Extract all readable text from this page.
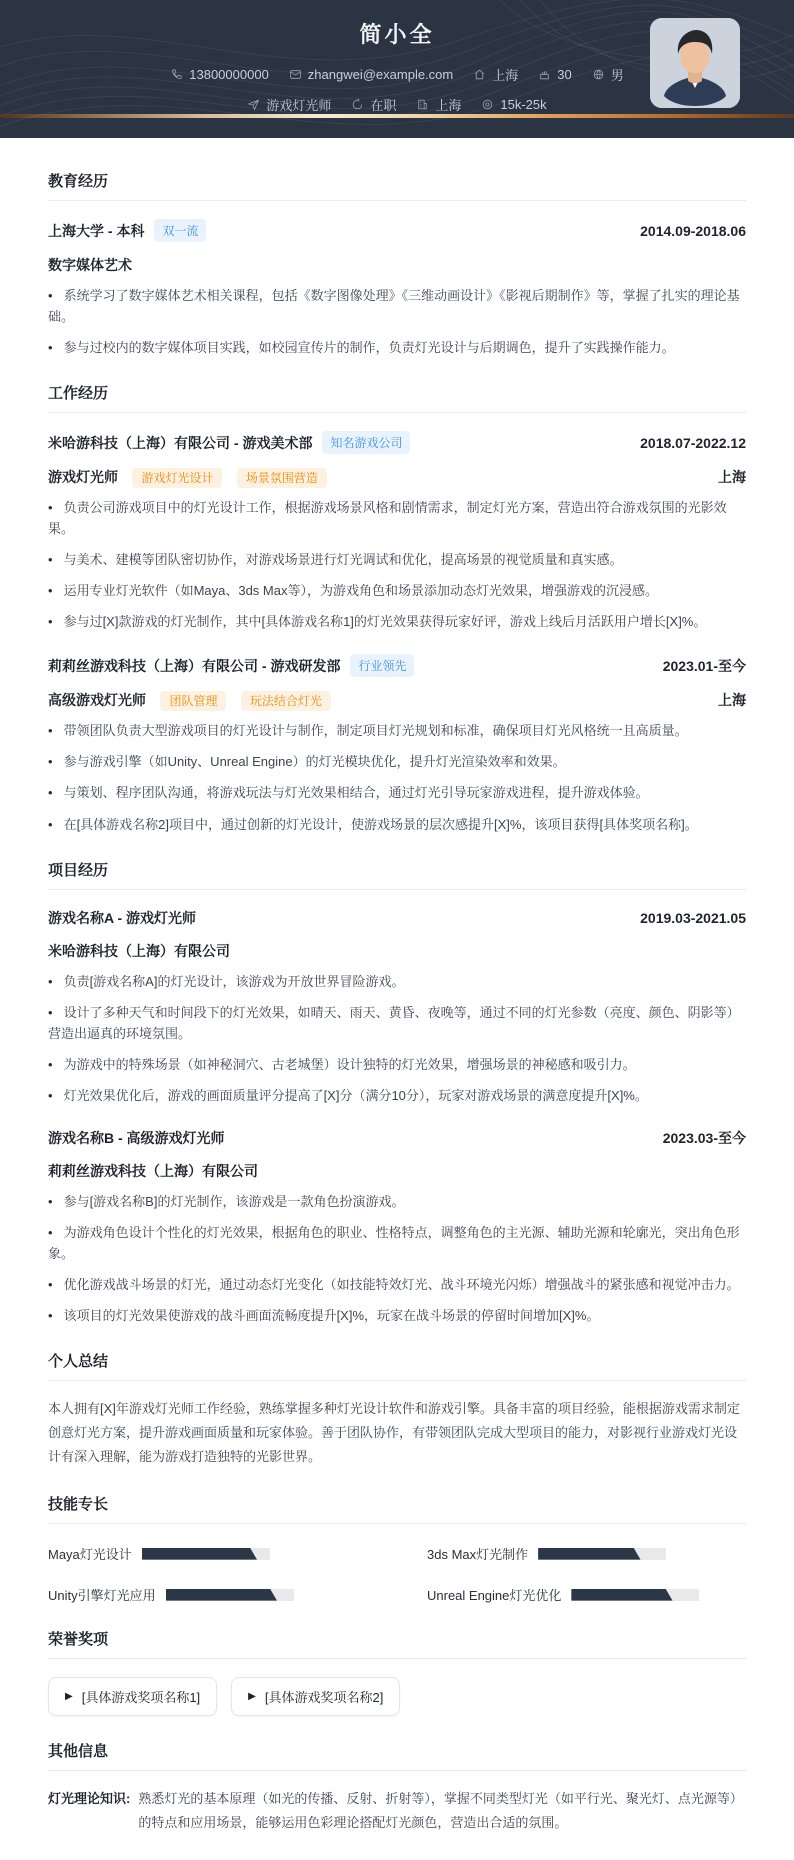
简小全
13800000000	zhangwei@example.com	上海	30	男
游戏灯光师	在职	上海	15k-25k
教育经历
上海大学 - 本科	双一流	2014.09-2018.06
数字媒体艺术

• 系统学习了数字媒体艺术相关课程，包括《数字图像处理》《三维动画设计》《影视后期制作》等，掌握了扎实的理论基础。

• 参与过校内的数字媒体项目实践，如校园宣传片的制作，负责灯光设计与后期调色，提升了实践操作能力。

工作经历
米哈游科技（上海）有限公司 - 游戏美术部	知名游戏公司	2018.07-2022.12
游戏灯光师 游戏灯光设计	场景氛围营造	上海

• 负责公司游戏项目中的灯光设计工作，根据游戏场景风格和剧情需求，制定灯光方案，营造出符合游戏氛围的光影效果。

• 与美术、建模等团队密切协作，对游戏场景进行灯光调试和优化，提高场景的视觉质量和真实感。

• 运用专业灯光软件（如Maya、3ds Max等），为游戏角色和场景添加动态灯光效果，增强游戏的沉浸感。

• 参与过[X]款游戏的灯光制作，其中[具体游戏名称1]的灯光效果获得玩家好评，游戏上线后月活跃用户增长[X]%。

莉莉丝游戏科技（上海）有限公司 - 游戏研发部	行业领先	2023.01-至今
高级游戏灯光师 团队管理	玩法结合灯光	上海

• 带领团队负责大型游戏项目的灯光设计与制作，制定项目灯光规划和标准，确保项目灯光风格统一且高质量。

• 参与游戏引擎（如Unity、Unreal Engine）的灯光模块优化，提升灯光渲染效率和效果。

• 与策划、程序团队沟通，将游戏玩法与灯光效果相结合，通过灯光引导玩家游戏进程，提升游戏体验。

• 在[具体游戏名称2]项目中，通过创新的灯光设计，使游戏场景的层次感提升[X]%，该项目获得[具体奖项名称]。

项目经历
游戏名称A - 游戏灯光师	2019.03-2021.05
米哈游科技（上海）有限公司

• 负责[游戏名称A]的灯光设计，该游戏为开放世界冒险游戏。

• 设计了多种天气和时间段下的灯光效果，如晴天、雨天、黄昏、夜晚等，通过不同的灯光参数（亮度、颜色、阴影等）营造出逼真的环境氛围。

• 为游戏中的特殊场景（如神秘洞穴、古老城堡）设计独特的灯光效果，增强场景的神秘感和吸引力。

• 灯光效果优化后，游戏的画面质量评分提高了[X]分（满分10分），玩家对游戏场景的满意度提升[X]%。

游戏名称B - 高级游戏灯光师	2023.03-至今
莉莉丝游戏科技（上海）有限公司

• 参与[游戏名称B]的灯光制作，该游戏是一款角色扮演游戏。

• 为游戏角色设计个性化的灯光效果，根据角色的职业、性格特点，调整角色的主光源、辅助光源和轮廓光，突出角色形象。

• 优化游戏战斗场景的灯光，通过动态灯光变化（如技能特效灯光、战斗环境光闪烁）增强战斗的紧张感和视觉冲击力。

• 该项目的灯光效果使游戏的战斗画面流畅度提升[X]%，玩家在战斗场景的停留时间增加[X]%。

个人总结

本人拥有[X]年游戏灯光师工作经验，熟练掌握多种灯光设计软件和游戏引擎。具备丰富的项目经验，能根据游戏需求制定创意灯光方案，提升游戏画面质量和玩家体验。善于团队协作，有带领团队完成大型项目的能力，对影视行业游戏灯光设计有深入理解，能为游戏打造独特的光影世界。

技能专长
Maya灯光设计	3ds Max灯光制作
Unity引擎灯光应用	Unreal Engine灯光优化
荣誉奖项
▶ [具体游戏奖项名称1]	▶ [具体游戏奖项名称2]
其他信息
灯光理论知识: 熟悉灯光的基本原理（如光的传播、反射、折射等），掌握不同类型灯光（如平行光、聚光灯、点光源等）的特点和应用场景，能够运用色彩理论搭配灯光颜色，营造出合适的氛围。
